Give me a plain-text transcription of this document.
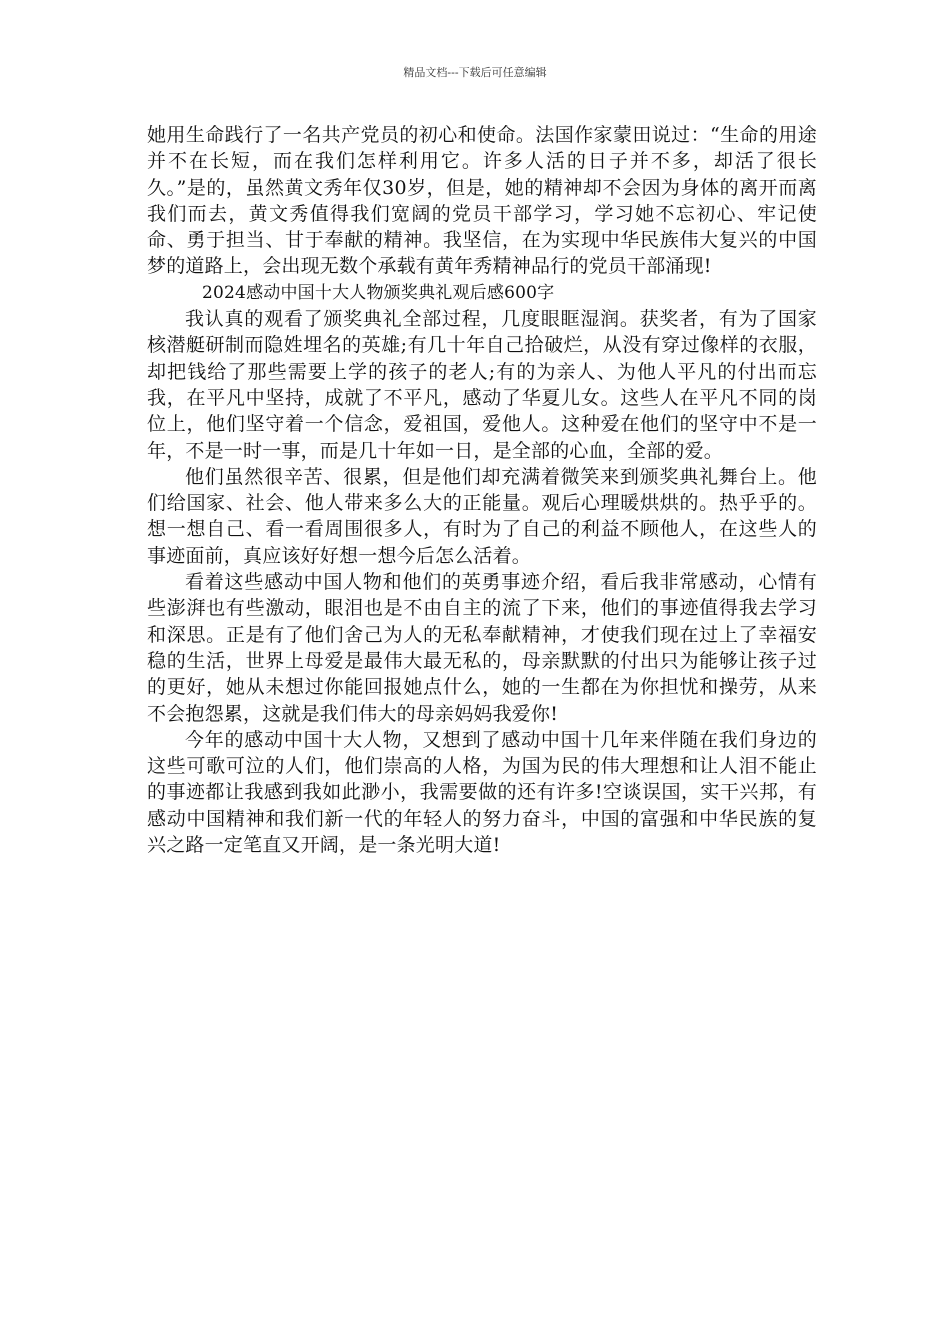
精品文档---下载后可任意编辑

她用生命践行了一名共产党员的初心和使命。法国作家蒙田说过：“生命的用途并不在长短，而在我们怎样利用它。许多人活的日子并不多，却活了很长久。”是的，虽然黄文秀年仅30岁，但是，她的精神却不会因为身体的离开而离我们而去，黄文秀值得我们宽阔的党员干部学习，学习她不忘初心、牢记使命、勇于担当、甘于奉献的精神。我坚信，在为实现中华民族伟大复兴的中国梦的道路上，会出现无数个承载有黄年秀精神品行的党员干部涌现!

2024感动中国十大人物颁奖典礼观后感600字

我认真的观看了颁奖典礼全部过程，几度眼眶湿润。获奖者，有为了国家核潜艇研制而隐姓埋名的英雄;有几十年自己拾破烂，从没有穿过像样的衣服，却把钱给了那些需要上学的孩子的老人;有的为亲人、为他人平凡的付出而忘我，在平凡中坚持，成就了不平凡，感动了华夏儿女。这些人在平凡不同的岗位上，他们坚守着一个信念，爱祖国，爱他人。这种爱在他们的坚守中不是一年，不是一时一事，而是几十年如一日，是全部的心血，全部的爱。

他们虽然很辛苦、很累，但是他们却充满着微笑来到颁奖典礼舞台上。他们给国家、社会、他人带来多么大的正能量。观后心理暖烘烘的。热乎乎的。想一想自己、看一看周围很多人，有时为了自己的利益不顾他人，在这些人的事迹面前，真应该好好想一想今后怎么活着。

看着这些感动中国人物和他们的英勇事迹介绍，看后我非常感动，心情有些澎湃也有些激动，眼泪也是不由自主的流了下来，他们的事迹值得我去学习和深思。正是有了他们舍己为人的无私奉献精神，才使我们现在过上了幸福安稳的生活，世界上母爱是最伟大最无私的，母亲默默的付出只为能够让孩子过的更好，她从未想过你能回报她点什么，她的一生都在为你担忧和操劳，从来不会抱怨累，这就是我们伟大的母亲妈妈我爱你!

今年的感动中国十大人物，又想到了感动中国十几年来伴随在我们身边的这些可歌可泣的人们，他们崇高的人格，为国为民的伟大理想和让人泪不能止的事迹都让我感到我如此渺小，我需要做的还有许多!空谈误国，实干兴邦，有感动中国精神和我们新一代的年轻人的努力奋斗，中国的富强和中华民族的复兴之路一定笔直又开阔，是一条光明大道!
